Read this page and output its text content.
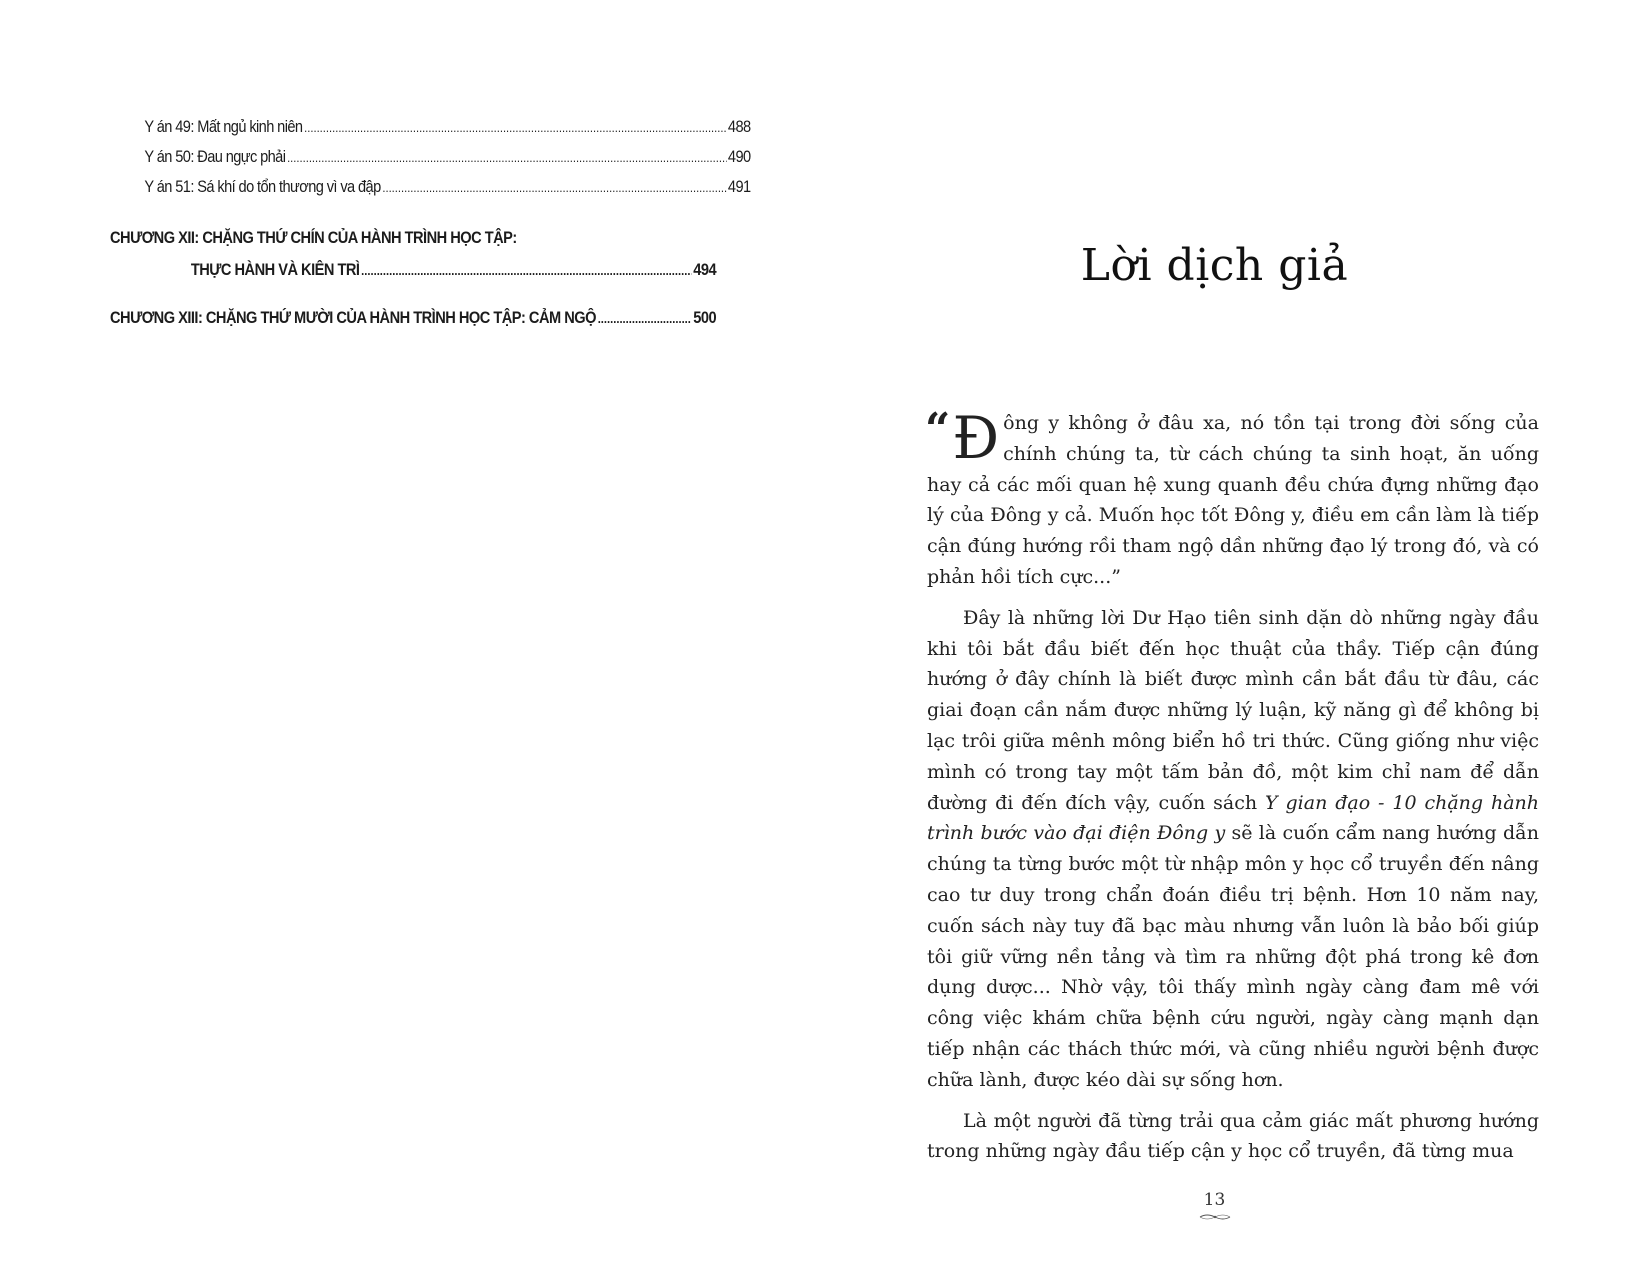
Y án 49: Mất ngủ kinh niên .....	488
Y án 50: Đau ngực phải .....	490
Y án 51: Sá khí do tổn thương vì va đập .....	491
CHƯƠNG XII: CHẶNG THỨ CHÍN CỦA HÀNH TRÌNH HỌC TẬP:
THỰC HÀNH VÀ KIÊN TRÌ .....	494
CHƯƠNG XIII: CHẶNG THỨ MƯỜI CỦA HÀNH TRÌNH HỌC TẬP: CẢM NGỘ .....	500
Lời dịch giả

“ Đ ông y không ở đâu xa, nó tồn tại trong đời sống của chính chúng ta, từ cách chúng ta sinh hoạt, ăn uống hay cả các mối quan hệ xung quanh đều chứa đựng những đạo lý của Đông y cả. Muốn học tốt Đông y, điều em cần làm là tiếp cận đúng hướng rồi tham ngộ dần những đạo lý trong đó, và có phản hồi tích cực...”

Đây là những lời Dư Hạo tiên sinh dặn dò những ngày đầu khi tôi bắt đầu biết đến học thuật của thầy. Tiếp cận đúng hướng ở đây chính là biết được mình cần bắt đầu từ đâu, các giai đoạn cần nắm được những lý luận, kỹ năng gì để không bị lạc trôi giữa mênh mông biển hồ tri thức. Cũng giống như việc mình có trong tay một tấm bản đồ, một kim chỉ nam để dẫn đường đi đến đích vậy, cuốn sách Y gian đạo - 10 chặng hành trình bước vào đại điện Đông y sẽ là cuốn cẩm nang hướng dẫn chúng ta từng bước một từ nhập môn y học cổ truyền đến nâng cao tư duy trong chẩn đoán điều trị bệnh. Hơn 10 năm nay, cuốn sách này tuy đã bạc màu nhưng vẫn luôn là bảo bối giúp tôi giữ vững nền tảng và tìm ra những đột phá trong kê đơn dụng dược... Nhờ vậy, tôi thấy mình ngày càng đam mê với công việc khám chữa bệnh cứu người, ngày càng mạnh dạn tiếp nhận các thách thức mới, và cũng nhiều người bệnh được chữa lành, được kéo dài sự sống hơn.

Là một người đã từng trải qua cảm giác mất phương hướng trong những ngày đầu tiếp cận y học cổ truyền, đã từng mua

13
